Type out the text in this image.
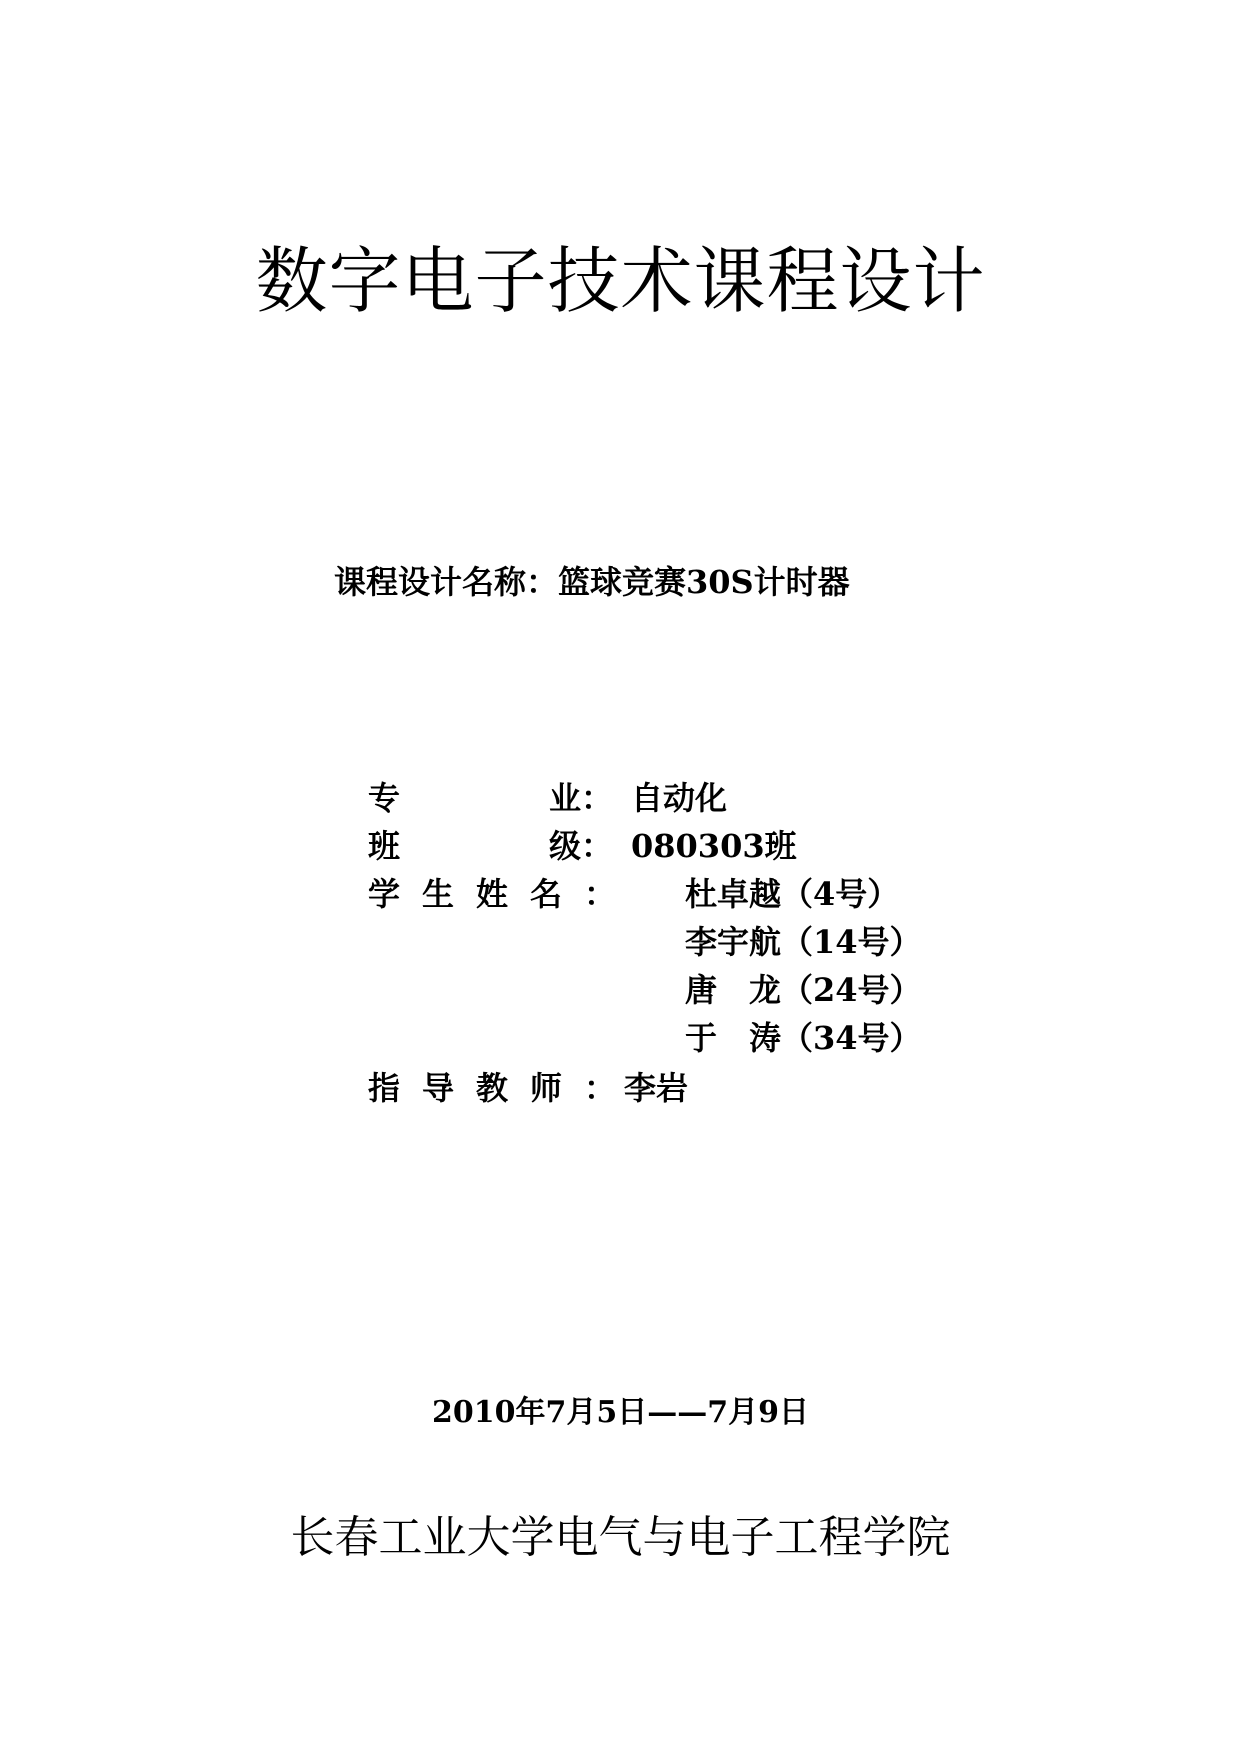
数字电子技术课程设计
课程设计名称：篮球竞赛30S计时器
专	业： 自动化
班	级： 080303班
学生姓名： 杜卓越（4号）
李宇航（14号）
唐　龙（24号）
于　涛（34号）
指导教师：
李岩
2010年7月5日——7月9日
长春工业大学电气与电子工程学院
